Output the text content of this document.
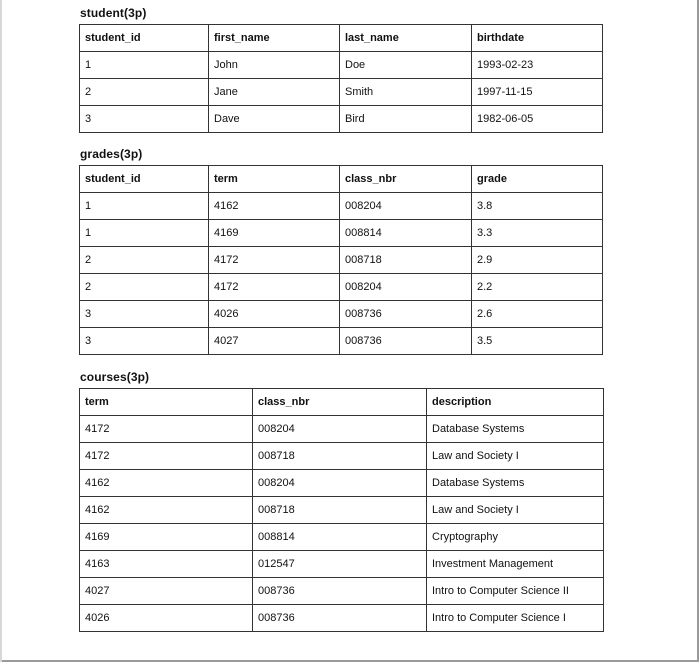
student(3p)
student_id	first_name	last_name	birthdate
1	John	Doe	1993-02-23
2	Jane	Smith	1997-11-15
3	Dave	Bird	1982-06-05
grades(3p)
student_id	term	class_nbr	grade
1	4162	008204	3.8
1	4169	008814	3.3
2	4172	008718	2.9
2	4172	008204	2.2
3	4026	008736	2.6
3	4027	008736	3.5
courses(3p)
term	class_nbr	description
4172	008204	Database Systems
4172	008718	Law and Society I
4162	008204	Database Systems
4162	008718	Law and Society I
4169	008814	Cryptography
4163	012547	Investment Management
4027	008736	Intro to Computer Science II
4026	008736	Intro to Computer Science I
